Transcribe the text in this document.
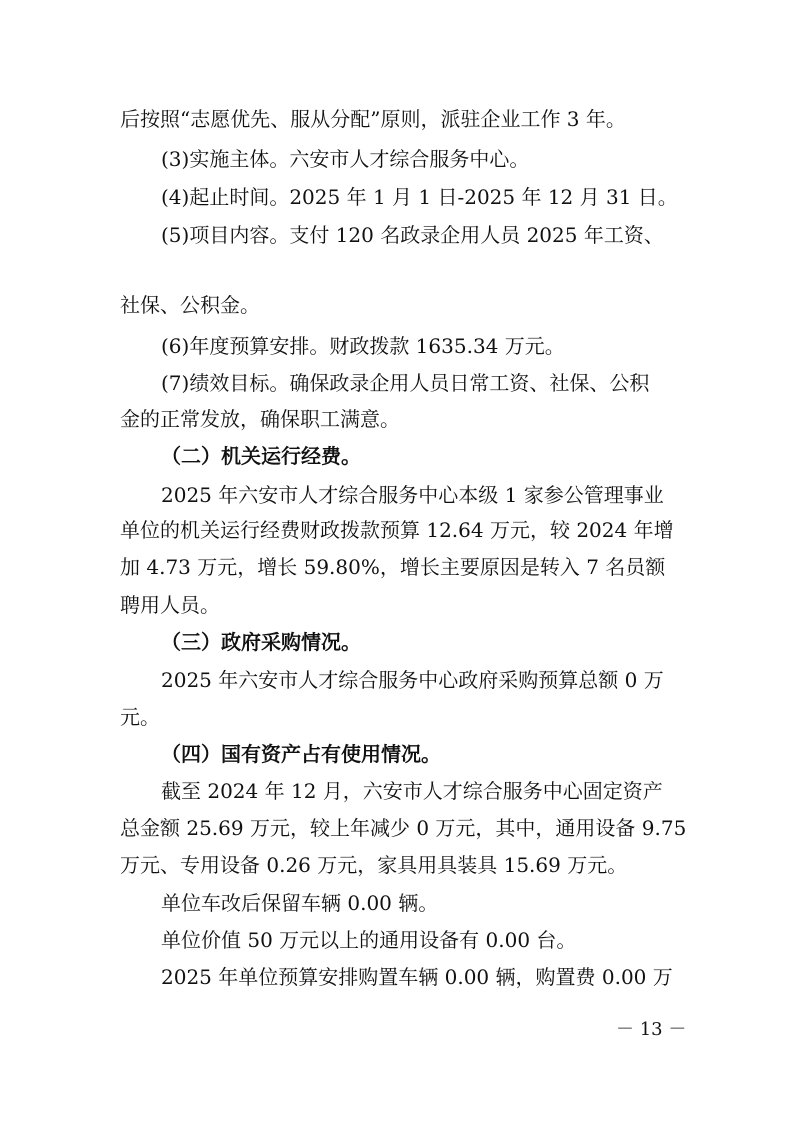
后按照“志愿优先、服从分配”原则，派驻企业工作 3 年。
(3)实施主体。六安市人才综合服务中心。
(4)起止时间。2025 年 1 月 1 日-2025 年 12 月 31 日。
(5)项目内容。支付 120 名政录企用人员 2025 年工资、
社保、公积金。
(6)年度预算安排。财政拨款 1635.34 万元。
(7)绩效目标。确保政录企用人员日常工资、社保、公积
金的正常发放，确保职工满意。
（二）机关运行经费。
2025 年六安市人才综合服务中心本级 1 家参公管理事业
单位的机关运行经费财政拨款预算 12.64 万元，较 2024 年增
加 4.73 万元，增长 59.80%，增长主要原因是转入 7 名员额
聘用人员。
（三）政府采购情况。
2025 年六安市人才综合服务中心政府采购预算总额 0 万
元。
（四）国有资产占有使用情况。
截至 2024 年 12 月，六安市人才综合服务中心固定资产
总金额 25.69 万元，较上年减少 0 万元，其中，通用设备 9.75
万元、专用设备 0.26 万元，家具用具装具 15.69 万元。
单位车改后保留车辆 0.00 辆。
单位价值 50 万元以上的通用设备有 0.00 台。
2025 年单位预算安排购置车辆 0.00 辆，购置费 0.00 万
－ 13 －
